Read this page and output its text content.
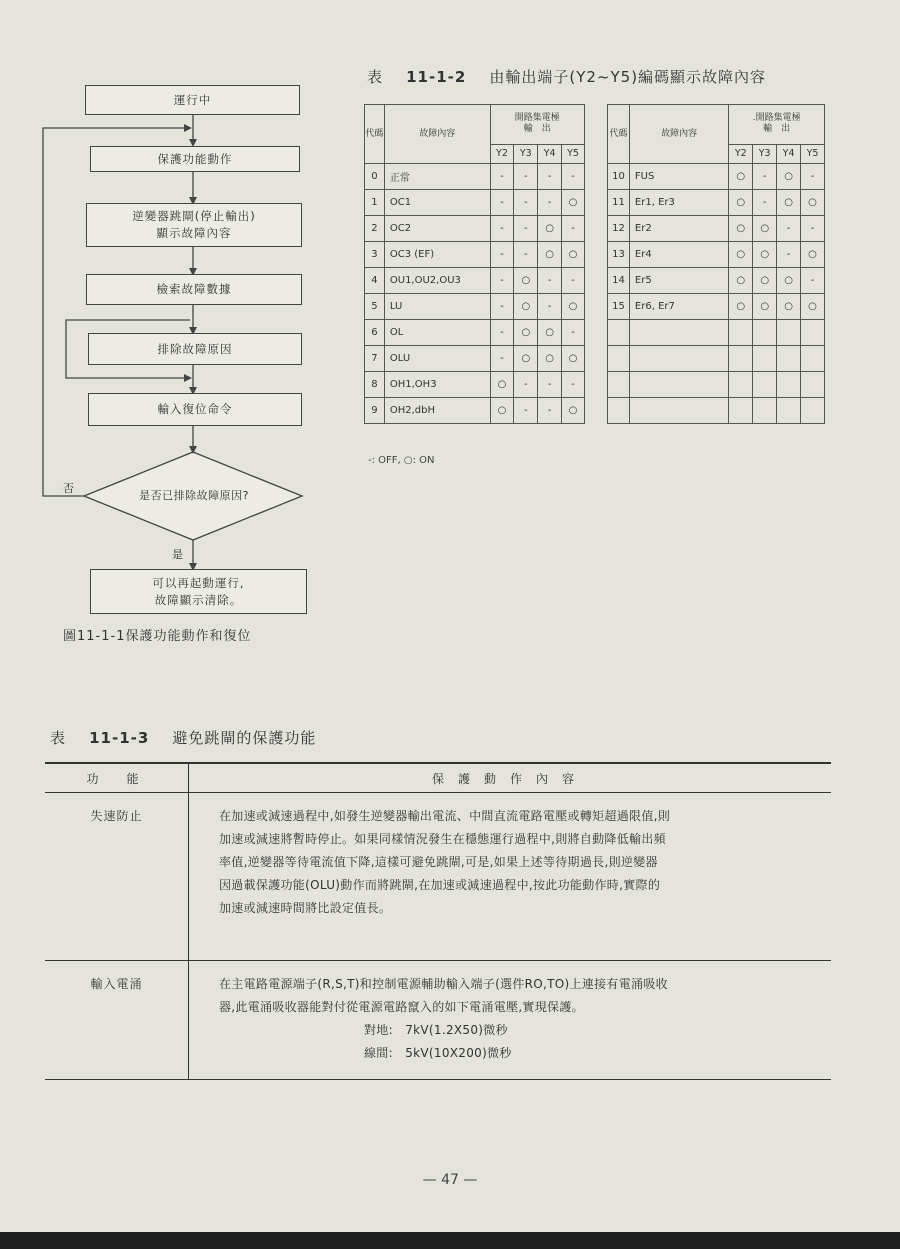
運行中
保護功能動作
逆變器跳閘(停止輸出)
顯示故障內容
檢索故障數據
排除故障原因
輸入復位命令
是否已排除故障原因?
否
是
可以再起動運行,
故障顯示清除。
圖11-1-1保護功能動作和復位
表 11-1-2 由輸出端子(Y2~Y5)編碼顯示故障內容
代碼	故障內容	開路集電極
輸　出			
		Y2	Y3	Y4	Y5
0	正常	-	-	-	-
1	OC1	-	-	-	○
2	OC2	-	-	○	-
3	OC3 (EF)	-	-	○	○
4	OU1,OU2,OU3	-	○	-	-
5	LU	-	○	-	○
6	OL	-	○	○	-
7	OLU	-	○	○	○
8	OH1,OH3	○	-	-	-
9	OH2,dbH	○	-	-	○
代碼	故障內容	.開路集電極
輸　出			
		Y2	Y3	Y4	Y5
10	FUS	○	-	○	-
11	Er1, Er3	○	-	○	○
12	Er2	○	○	-	-
13	Er4	○	○	-	○
14	Er5	○	○	○	-
15	Er6, Er7	○	○	○	○

-: OFF, ○: ON
表 11-1-3 避免跳閘的保護功能
功　能	保護動作內容
失速防止	在加速或減速過程中,如發生逆變器輸出電流、中間直流電路電壓或轉矩超過限值,則
加速或減速將暫時停止。如果同樣情況發生在穩態運行過程中,則將自動降低輸出頻
率值,逆變器等待電流值下降,這樣可避免跳閘,可是,如果上述等待期過長,則逆變器
因過載保護功能(OLU)動作而將跳閘,在加速或減速過程中,按此功能動作時,實際的
加速或減速時間將比設定值長。

輸入電涌	在主電路電源端子(R,S,T)和控制電源輔助輸入端子(選件RO,TO)上連接有電涌吸收
器,此電涌吸收器能對付從電源電路竄入的如下電涌電壓,實現保護。
對地:　7kV(1.2X50)微秒
線間:　5kV(10X200)微秒
— 47 —
